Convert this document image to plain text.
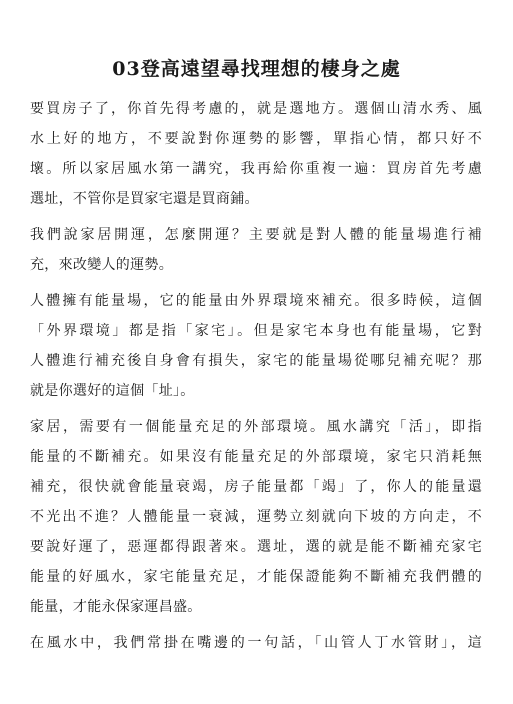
03登高遠望尋找理想的棲身之處
要買房子了，你首先得考慮的，就是選地方。選個山清水秀、風
水上好的地方，不要說對你運勢的影響，單指心情，都只好不
壞。所以家居風水第一講究，我再給你重複一遍：買房首先考慮
選址，不管你是買家宅還是買商鋪。
我們說家居開運，怎麼開運？主要就是對人體的能量場進行補
充，來改變人的運勢。
人體擁有能量場，它的能量由外界環境來補充。很多時候，這個
「外界環境」都是指「家宅」。但是家宅本身也有能量場，它對
人體進行補充後自身會有損失，家宅的能量場從哪兒補充呢？那
就是你選好的這個「址」。
家居，需要有一個能量充足的外部環境。風水講究「活」，即指
能量的不斷補充。如果沒有能量充足的外部環境，家宅只消耗無
補充，很快就會能量衰竭，房子能量都「竭」了，你人的能量還
不光出不進？人體能量一衰減，運勢立刻就向下坡的方向走，不
要說好運了，惡運都得跟著來。選址，選的就是能不斷補充家宅
能量的好風水，家宅能量充足，才能保證能夠不斷補充我們體的
能量，才能永保家運昌盛。
在風水中，我們常掛在嘴邊的一句話，「山管人丁水管財」，這
